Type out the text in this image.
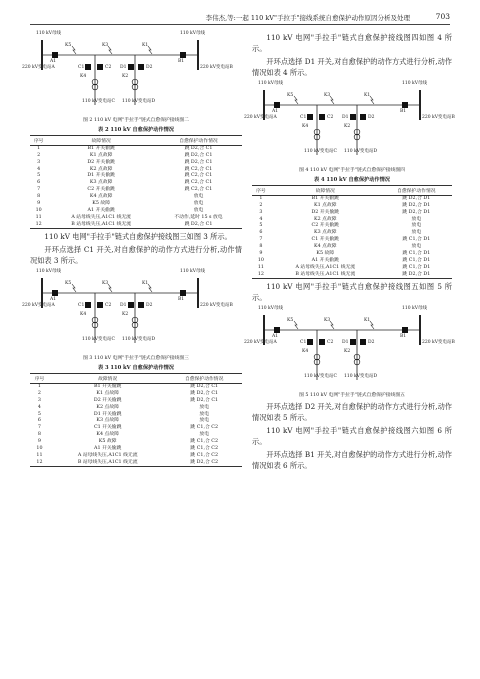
李伟杰,等:一起 110 kV"手拉手"接线系统自愈保护动作原因分析及处理	703
110 kV母线	110 kV母线
220 kV变电站A	220 kV变电站B
K5	K3	K1
A1	B1
C1	C2 D1	D2
K4	K2
110 kV变电站C 110 kV变电站D
图 2 110 kV 电网"手拉手"链式自愈保护接线图二
表 2 110 kV 自愈保护动作情况
序号	故障情况	自愈保护动作情况
1	B1 开关偷跳	跳 D2,合 C1
2	K1 点故障	跳 D2,合 C1
3	D2 开关偷跳	跳 D2,合 C1
4	K2 点故障	跳 C2,合 C1
5	D1 开关偷跳	跳 C2,合 C1
6	K3 点故障	跳 C2,合 C1
7	C2 开关偷跳	跳 C2,合 C1
8	K4 点故障	放电
9	K5 故障	放电
10	A1 开关偷跳	放电
11	A 站母线失压,A1C1 线无流	不动作,延时 15 s 放电
12	B 站母线失压,A1C1 线无流	跳 D2,合 C1
110 kV 电网"手拉手"链式自愈保护接线图三如图 3 所示。
开环点选择 C1 开关,对自愈保护的动作方式进行分析,动作情况如表 3 所示。
110 kV母线	110 kV母线
220 kV变电站A	220 kV变电站B
K5	K3	K1
A1	B1
C1	C2 D1	D2
K4	K2
110 kV变电站C 110 kV变电站D
图 3 110 kV 电网"手拉手"链式自愈保护接线图三
表 3 110 kV 自愈保护动作情况
序号	故障情况	自愈保护动作情况
1	B1 开关偷跳	跳 D2,合 C1
2	K1 点故障	跳 D2,合 C1
3	D2 开关偷跳	跳 D2,合 C1
4	K2 点故障	放电
5	D1 开关偷跳	放电
6	K3 点故障	放电
7	C1 开关偷跳	跳 C1,合 C2
8	K4 点故障	放电
9	K5 故障	跳 C1,合 C2
10	A1 开关偷跳	跳 C1,合 C2
11	A 站母线失压,A1C1 线无流	跳 C1,合 C2
12	B 站母线失压,A1C1 线无流	跳 D2,合 C2
110 kV 电网"手拉手"链式自愈保护接线图四如图 4 所示。
开环点选择 D1 开关,对自愈保护的动作方式进行分析,动作情况如表 4 所示。
110 kV母线	110 kV母线
220 kV变电站A	220 kV变电站B
K5	K3	K1
A1	B1
C1	C2 D1	D2
K4	K2
110 kV变电站C 110 kV变电站D
图 4 110 kV 电网"手拉手"链式自愈保护接线图四
表 4 110 kV 自愈保护动作情况
序号	故障情况	自愈保护动作情况
1	B1 开关偷跳	跳 D2,合 D1
2	K1 点故障	跳 D2,合 D1
3	D2 开关偷跳	跳 D2,合 D1
4	K2 点故障	放电
5	C2 开关偷跳	放电
6	K3 点故障	放电
7	C1 开关偷跳	跳 C1,合 D1
8	K4 点故障	放电
9	K5 故障	跳 C1,合 D1
10	A1 开关偷跳	跳 C1,合 D1
11	A 站母线失压,A1C1 线无流	跳 C1,合 D1
12	B 站母线失压,A1C1 线无流	跳 D2,合 D1
110 kV 电网"手拉手"链式自愈保护接线图五如图 5 所示。
110 kV母线	110 kV母线
220 kV变电站A	220 kV变电站B
K5	K3	K1
A1	B1
C1	C2 D1	D2
K4	K2
110 kV变电站C 110 kV变电站D
图 5 110 kV 电网"手拉手"链式自愈保护接线图五
开环点选择 D2 开关,对自愈保护的动作方式进行分析,动作情况如表 5 所示。
110 kV 电网"手拉手"链式自愈保护接线图六如图 6 所示。
开环点选择 B1 开关,对自愈保护的动作方式进行分析,动作情况如表 6 所示。
